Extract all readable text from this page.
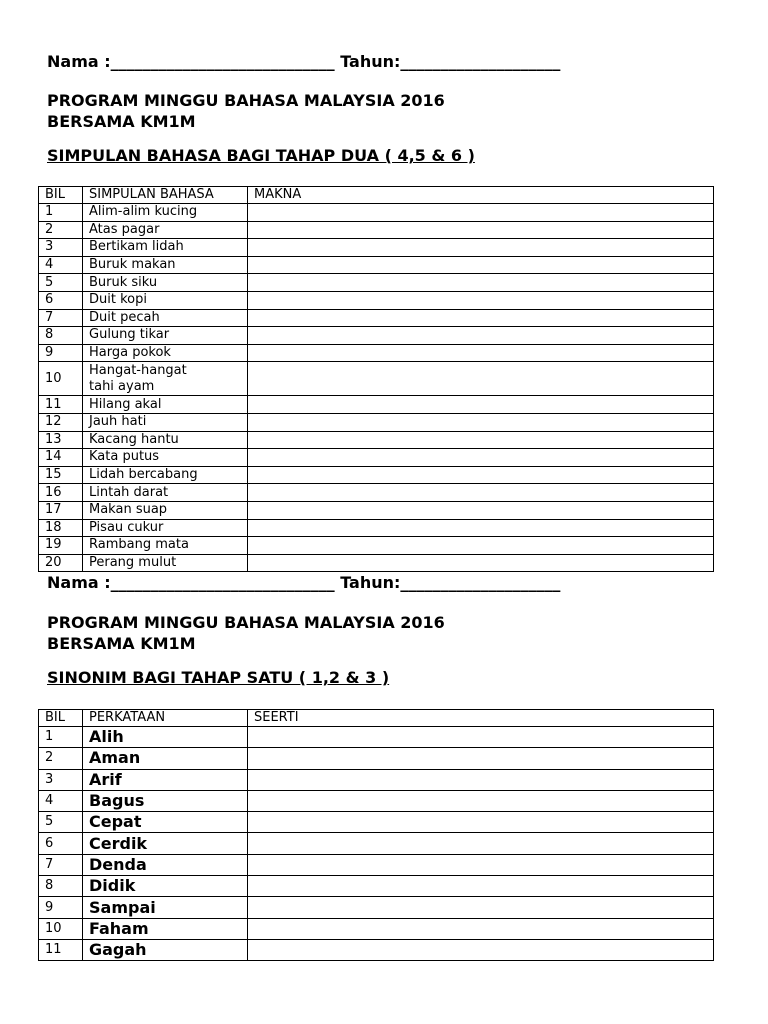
Nama :____________________________ Tahun:____________________
PROGRAM MINGGU BAHASA MALAYSIA 2016
BERSAMA KM1M
SIMPULAN BAHASA BAGI TAHAP DUA ( 4,5 & 6 )
BIL	SIMPULAN BAHASA	MAKNA
1	Alim-alim kucing	
2	Atas pagar	
3	Bertikam lidah	
4	Buruk makan	
5	Buruk siku	
6	Duit kopi	
7	Duit pecah	
8	Gulung tikar	
9	Harga pokok	
10	Hangat-hangat
tahi ayam	
11	Hilang akal	
12	Jauh hati	
13	Kacang hantu	
14	Kata putus	
15	Lidah bercabang	
16	Lintah darat	
17	Makan suap	
18	Pisau cukur	
19	Rambang mata	
20	Perang mulut	
Nama :____________________________ Tahun:____________________
PROGRAM MINGGU BAHASA MALAYSIA 2016
BERSAMA KM1M
SINONIM BAGI TAHAP SATU ( 1,2 & 3 )
BIL	PERKATAAN	SEERTI
1	Alih	
2	Aman	
3	Arif	
4	Bagus	
5	Cepat	
6	Cerdik	
7	Denda	
8	Didik	
9	Sampai	
10	Faham	
11	Gagah	
